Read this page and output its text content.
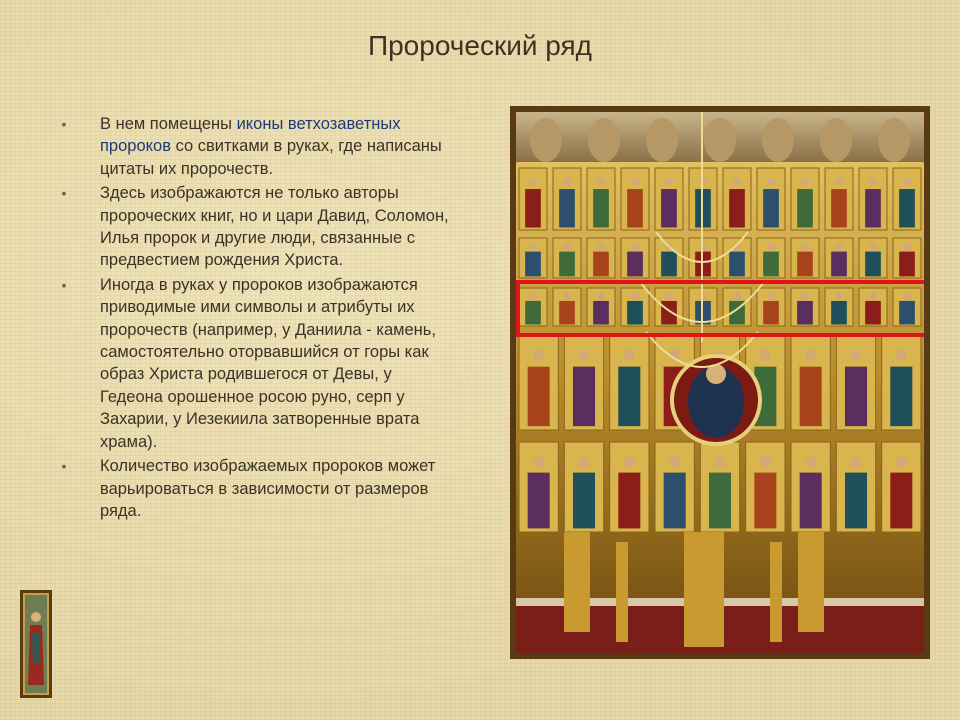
Пророческий ряд
• В нем помещены иконы ветхозаветных пророков со свитками в руках, где написаны цитаты их пророчеств.
• Здесь изображаются не только авторы пророческих книг, но и цари Давид, Соломон, Илья пророк и другие люди, связанные с предвестием рождения Христа.
• Иногда в руках у пророков изображаются приводимые ими символы и атрибуты их пророчеств (например, у Даниила - камень, самостоятельно оторвавшийся от горы как образ Христа родившегося от Девы, у Гедеона орошенное росою руно, серп у Захарии, у Иезекиила затворенные врата храма).
• Количество изображаемых пророков может варьироваться в зависимости от размеров ряда.
